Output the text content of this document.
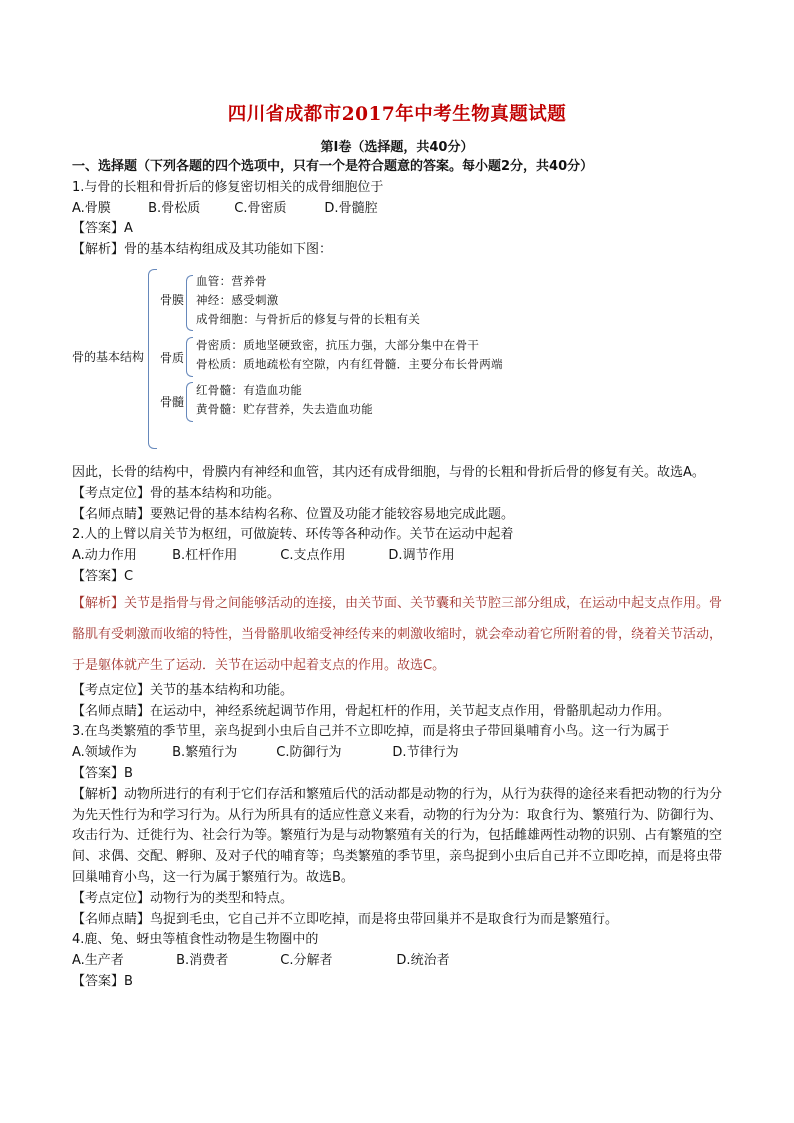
四川省成都市2017年中考生物真题试题
第Ⅰ卷（选择题，共40分）
一、选择题（下列各题的四个选项中，只有一个是符合题意的答案。每小题2分，共40分）
1.与骨的长粗和骨折后的修复密切相关的成骨细胞位于
A.骨膜	B.骨松质	C.骨密质	D.骨髓腔
【答案】A
【解析】骨的基本结构组成及其功能如下图：
骨的基本结构
骨膜
血管：营养骨
神经：感受刺激
成骨细胞：与骨折后的修复与骨的长粗有关
骨质
骨密质：质地坚硬致密，抗压力强，大部分集中在骨干
骨松质：质地疏松有空隙，内有红骨髓．主要分布长骨两端
骨髓
红骨髓：有造血功能
黄骨髓：贮存营养，失去造血功能
因此，长骨的结构中，骨膜内有神经和血管，其内还有成骨细胞，与骨的长粗和骨折后骨的修复有关。故选A。
【考点定位】骨的基本结构和功能。
【名师点睛】要熟记骨的基本结构名称、位置及功能才能较容易地完成此题。
2.人的上臂以肩关节为枢纽，可做旋转、环传等各种动作。关节在运动中起着
A.动力作用	B.杠杆作用	C.支点作用	D.调节作用
【答案】C
【解析】关节是指骨与骨之间能够活动的连接，由关节面、关节囊和关节腔三部分组成，在运动中起支点作用。骨骼肌有受刺激而收缩的特性，当骨骼肌收缩受神经传来的刺激收缩时，就会牵动着它所附着的骨，绕着关节活动，于是躯体就产生了运动．关节在运动中起着支点的作用。故选C。
【考点定位】关节的基本结构和功能。
【名师点睛】在运动中，神经系统起调节作用，骨起杠杆的作用，关节起支点作用，骨骼肌起动力作用。
3.在鸟类繁殖的季节里，亲鸟捉到小虫后自己并不立即吃掉，而是将虫子带回巢哺育小鸟。这一行为属于
A.领域作为	B.繁殖行为	C.防御行为	D.节律行为
【答案】B
【解析】动物所进行的有利于它们存活和繁殖后代的活动都是动物的行为，从行为获得的途径来看把动物的行为分为先天性行为和学习行为。从行为所具有的适应性意义来看，动物的行为分为：取食行为、繁殖行为、防御行为、攻击行为、迁徙行为、社会行为等。繁殖行为是与动物繁殖有关的行为，包括雌雄两性动物的识别、占有繁殖的空间、求偶、交配、孵卵、及对子代的哺育等；鸟类繁殖的季节里，亲鸟捉到小虫后自己并不立即吃掉，而是将虫带回巢哺育小鸟，这一行为属于繁殖行为。故选B。
【考点定位】动物行为的类型和特点。
【名师点睛】鸟捉到毛虫，它自己并不立即吃掉，而是将虫带回巢并不是取食行为而是繁殖行。
4.鹿、兔、蚜虫等植食性动物是生物圈中的
A.生产者	B.消费者	C.分解者	D.统治者
【答案】B
